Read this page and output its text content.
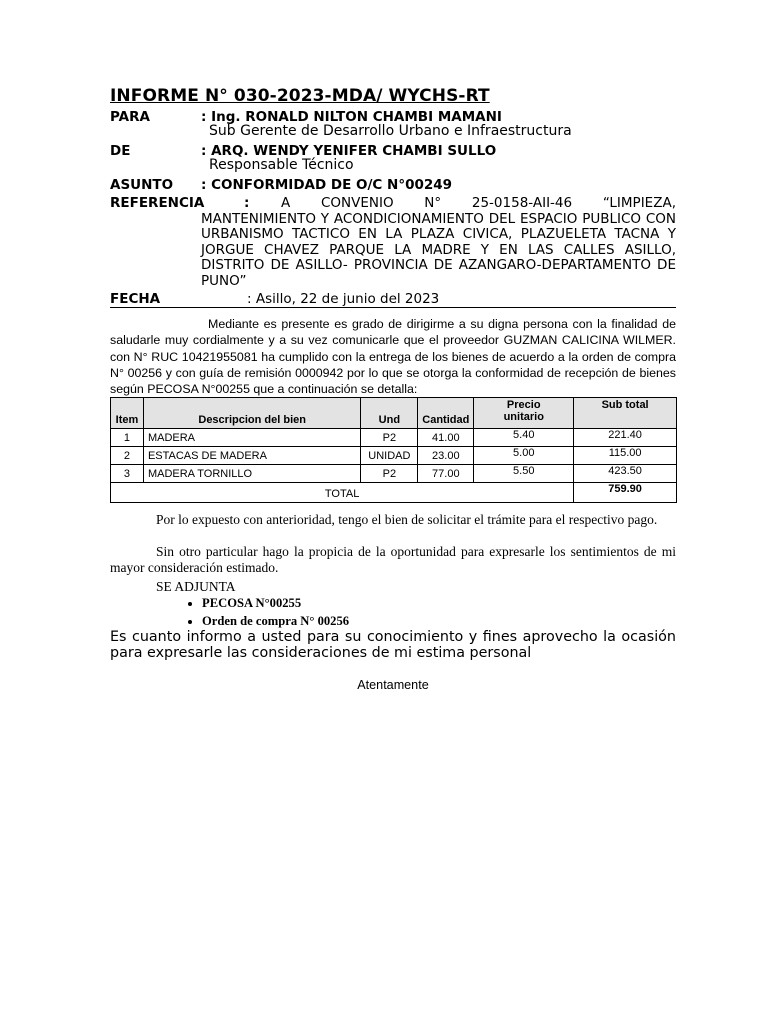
INFORME N° 030-2023-MDA/ WYCHS-RT
PARA	: Ing. RONALD NILTON CHAMBI MAMANI
Sub Gerente de Desarrollo Urbano e Infraestructura
DE	: ARQ. WENDY YENIFER CHAMBI SULLO
Responsable Técnico
ASUNTO : CONFORMIDAD DE O/C N°00249
REFERENCIA	:	A CONVENIO N° 25-0158-AII-46 “LIMPIEZA, MANTENIMIENTO Y ACONDICIONAMIENTO DEL ESPACIO PUBLICO CON URBANISMO TACTICO EN LA PLAZA CIVICA, PLAZUELETA TACNA Y JORGUE CHAVEZ PARQUE LA MADRE Y EN LAS CALLES ASILLO, DISTRITO DE ASILLO- PROVINCIA DE AZANGARO-DEPARTAMENTO DE PUNO”
FECHA	: Asillo, 22 de junio del 2023
Mediante es presente es grado de dirigirme a su digna persona con la finalidad de saludarle muy cordialmente y a su vez comunicarle que el proveedor GUZMAN CALICINA WILMER. con N° RUC 10421955081 ha cumplido con la entrega de los bienes de acuerdo a la orden de compra N° 00256 y con guía de remisión 0000942 por lo que se otorga la conformidad de recepción de bienes según PECOSA N°00255 que a continuación se detalla:
Item	Descripcion del bien	Und	Cantidad	Precio unitario	Sub total
1	MADERA	P2	41.00	5.40	221.40
2	ESTACAS DE MADERA	UNIDAD	23.00	5.00	115.00
3	MADERA TORNILLO	P2	77.00	5.50	423.50
TOTAL					759.90
Por lo expuesto con anterioridad, tengo el bien de solicitar el trámite para el respectivo pago.
Sin otro particular hago la propicia de la oportunidad para expresarle los sentimientos de mi mayor consideración estimado.
SE ADJUNTA
• PECOSA N°00255
• Orden de compra N° 00256
Es cuanto informo a usted para su conocimiento y fines aprovecho la ocasión para expresarle las consideraciones de mi estima personal
Atentamente
